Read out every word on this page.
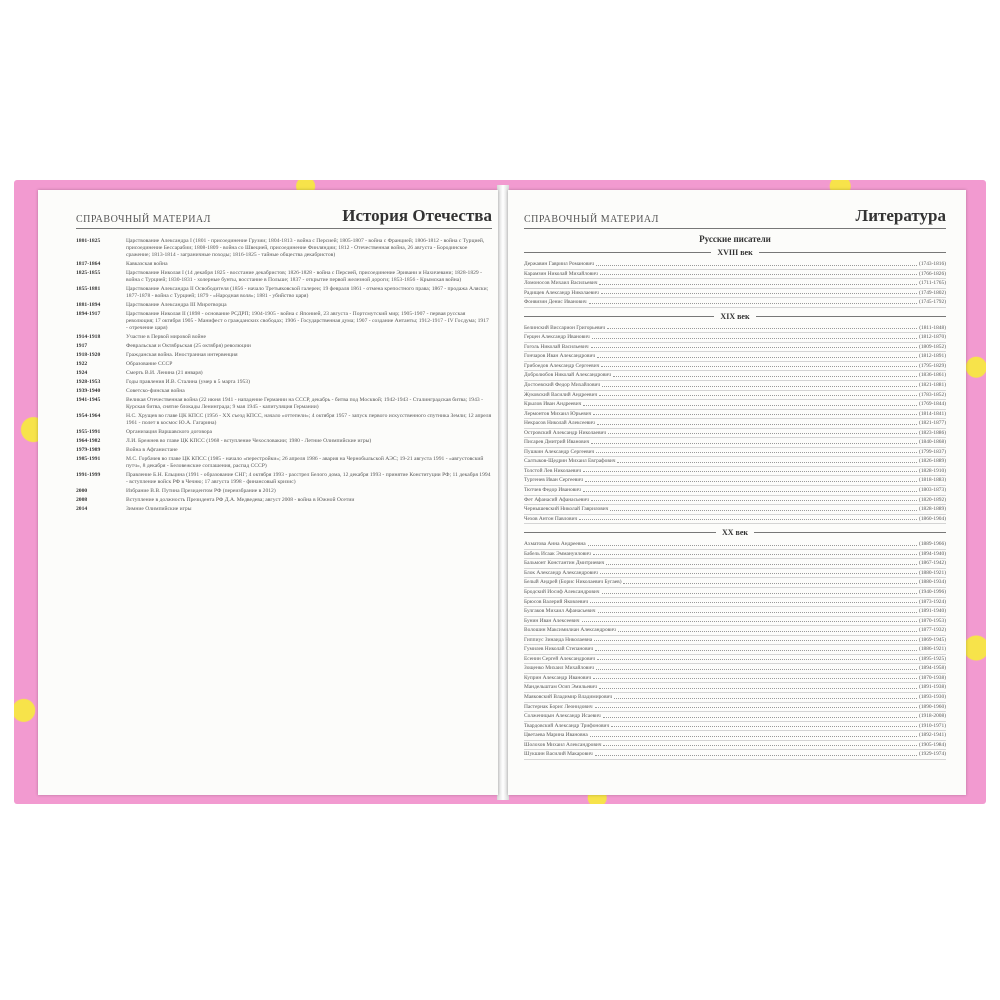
СПРАВОЧНЫЙ МАТЕРИАЛ	История Отечества
1801-1825	Царствование Александра I (1801 - присоединение Грузии; 1804-1813 - война с Персией; 1805-1807 - война с Францией; 1806-1812 - война с Турцией, присоединение Бессарабии; 1808-1809 - война со Швецией, присоединение Финляндии; 1812 - Отечественная война, 26 августа - Бородинское сражение; 1813-1814 - заграничные походы; 1816-1825 - тайные общества декабристов)
1817-1864	Кавказская война
1825-1855	Царствование Николая I (14 декабря 1825 - восстание декабристов; 1826-1828 - война с Персией, присоединение Эривани и Нахичевани; 1828-1829 - война с Турцией; 1830-1831 - холерные бунты, восстание в Польше; 1837 - открытие первой железной дороги; 1853-1856 - Крымская война)
1855-1881	Царствование Александра II Освободителя (1856 - начало Третьяковской галереи; 19 февраля 1861 - отмена крепостного права; 1867 - продажа Аляски; 1877-1878 - война с Турцией; 1879 - «Народная воля»; 1881 - убийство царя)
1881-1894	Царствование Александра III Миротворца
1894-1917	Царствование Николая II (1898 - основание РСДРП; 1904-1905 - война с Японией, 23 августа - Портсмутский мир; 1905-1907 - первая русская революция; 17 октября 1905 - Манифест о гражданских свободах; 1906 - Государственная дума; 1907 - создание Антанты; 1912-1917 - IV Госдума; 1917 - отречение царя)
1914-1918	Участие в Первой мировой войне
1917	Февральская и Октябрьская (25 октября) революции
1918-1920	Гражданская война. Иностранная интервенция
1922	Образование СССР
1924	Смерть В.И. Ленина (21 января)
1928-1953	Годы правления И.В. Сталина (умер в 5 марта 1953)
1939-1940	Советско-финская война
1941-1945	Великая Отечественная война (22 июня 1941 - нападение Германии на СССР, декабрь - битва под Москвой; 1942-1943 - Сталинградская битва; 1943 - Курская битва, снятие блокады Ленинграда; 9 мая 1945 - капитуляция Германии)
1954-1964	Н.С. Хрущев во главе ЦК КПСС (1956 - XX съезд КПСС, начало «оттепели»; 4 октября 1957 - запуск первого искусственного спутника Земли; 12 апреля 1961 - полет в космос Ю.А. Гагарина)
1955-1991	Организация Варшавского договора
1964-1982	Л.И. Брежнев во главе ЦК КПСС (1968 - вступление Чехословакии; 1980 - Летние Олимпийские игры)
1979-1989	Война в Афганистане
1985-1991	М.С. Горбачев во главе ЦК КПСС (1985 - начало «перестройки»; 26 апреля 1986 - авария на Чернобыльской АЭС; 19-21 августа 1991 - «августовский путч», 8 декабря - Беловежские соглашения, распад СССР)
1991-1999	Правление Б.Н. Ельцина (1991 - образование СНГ; 4 октября 1993 - расстрел Белого дома, 12 декабря 1993 - принятие Конституции РФ; 11 декабря 1994 - вступление войск РФ в Чечню; 17 августа 1998 - финансовый кризис)
2000	Избрание В.В. Путина Президентом РФ (переизбрание в 2012)
2008	Вступление в должность Президента РФ Д.А. Медведева; август 2008 - война в Южной Осетии
2014	Зимние Олимпийские игры
СПРАВОЧНЫЙ МАТЕРИАЛ	Литература
Русские писатели
XVIII век
Державин Гавриил Романович	(1743-1816)
Карамзин Николай Михайлович	(1766-1826)
Ломоносов Михаил Васильевич	(1711-1765)
Радищев Александр Николаевич	(1749-1802)
Фонвизин Денис Иванович	(1745-1792)
XIX век
Белинский Виссарион Григорьевич	(1811-1848)
Герцен Александр Иванович	(1812-1870)
Гоголь Николай Васильевич	(1809-1852)
Гончаров Иван Александрович	(1812-1891)
Грибоедов Александр Сергеевич	(1795-1829)
Добролюбов Николай Александрович	(1836-1861)
Достоевский Федор Михайлович	(1821-1881)
Жуковский Василий Андреевич	(1783-1852)
Крылов Иван Андреевич	(1769-1844)
Лермонтов Михаил Юрьевич	(1814-1841)
Некрасов Николай Алексеевич	(1821-1877)
Островский Александр Николаевич	(1823-1886)
Писарев Дмитрий Иванович	(1840-1868)
Пушкин Александр Сергеевич	(1799-1837)
Салтыков-Щедрин Михаил Евграфович	(1826-1889)
Толстой Лев Николаевич	(1828-1910)
Тургенев Иван Сергеевич	(1818-1883)
Тютчев Федор Иванович	(1803-1873)
Фет Афанасий Афанасьевич	(1820-1892)
Чернышевский Николай Гаврилович	(1828-1889)
Чехов Антон Павлович	(1860-1904)
XX век
Ахматова Анна Андреевна	(1889-1966)
Бабель Исаак Эммануилович	(1894-1940)
Бальмонт Константин Дмитриевич	(1867-1942)
Блок Александр Александрович	(1880-1921)
Белый Андрей (Борис Николаевич Бугаев)	(1880-1934)
Бродский Иосиф Александрович	(1940-1996)
Брюсов Валерий Яковлевич	(1873-1924)
Булгаков Михаил Афанасьевич	(1891-1940)
Бунин Иван Алексеевич	(1870-1953)
Волошин Максимилиан Александрович	(1877-1932)
Гиппиус Зинаида Николаевна	(1869-1945)
Гумилев Николай Степанович	(1886-1921)
Есенин Сергей Александрович	(1895-1925)
Зощенко Михаил Михайлович	(1894-1958)
Куприн Александр Иванович	(1870-1938)
Мандельштам Осип Эмильевич	(1891-1938)
Маяковский Владимир Владимирович	(1893-1930)
Пастернак Борис Леонидович	(1890-1960)
Солженицын Александр Исаевич	(1918-2008)
Твардовский Александр Трифонович	(1910-1971)
Цветаева Марина Ивановна	(1892-1941)
Шолохов Михаил Александрович	(1905-1984)
Шукшин Василий Макарович	(1929-1974)
